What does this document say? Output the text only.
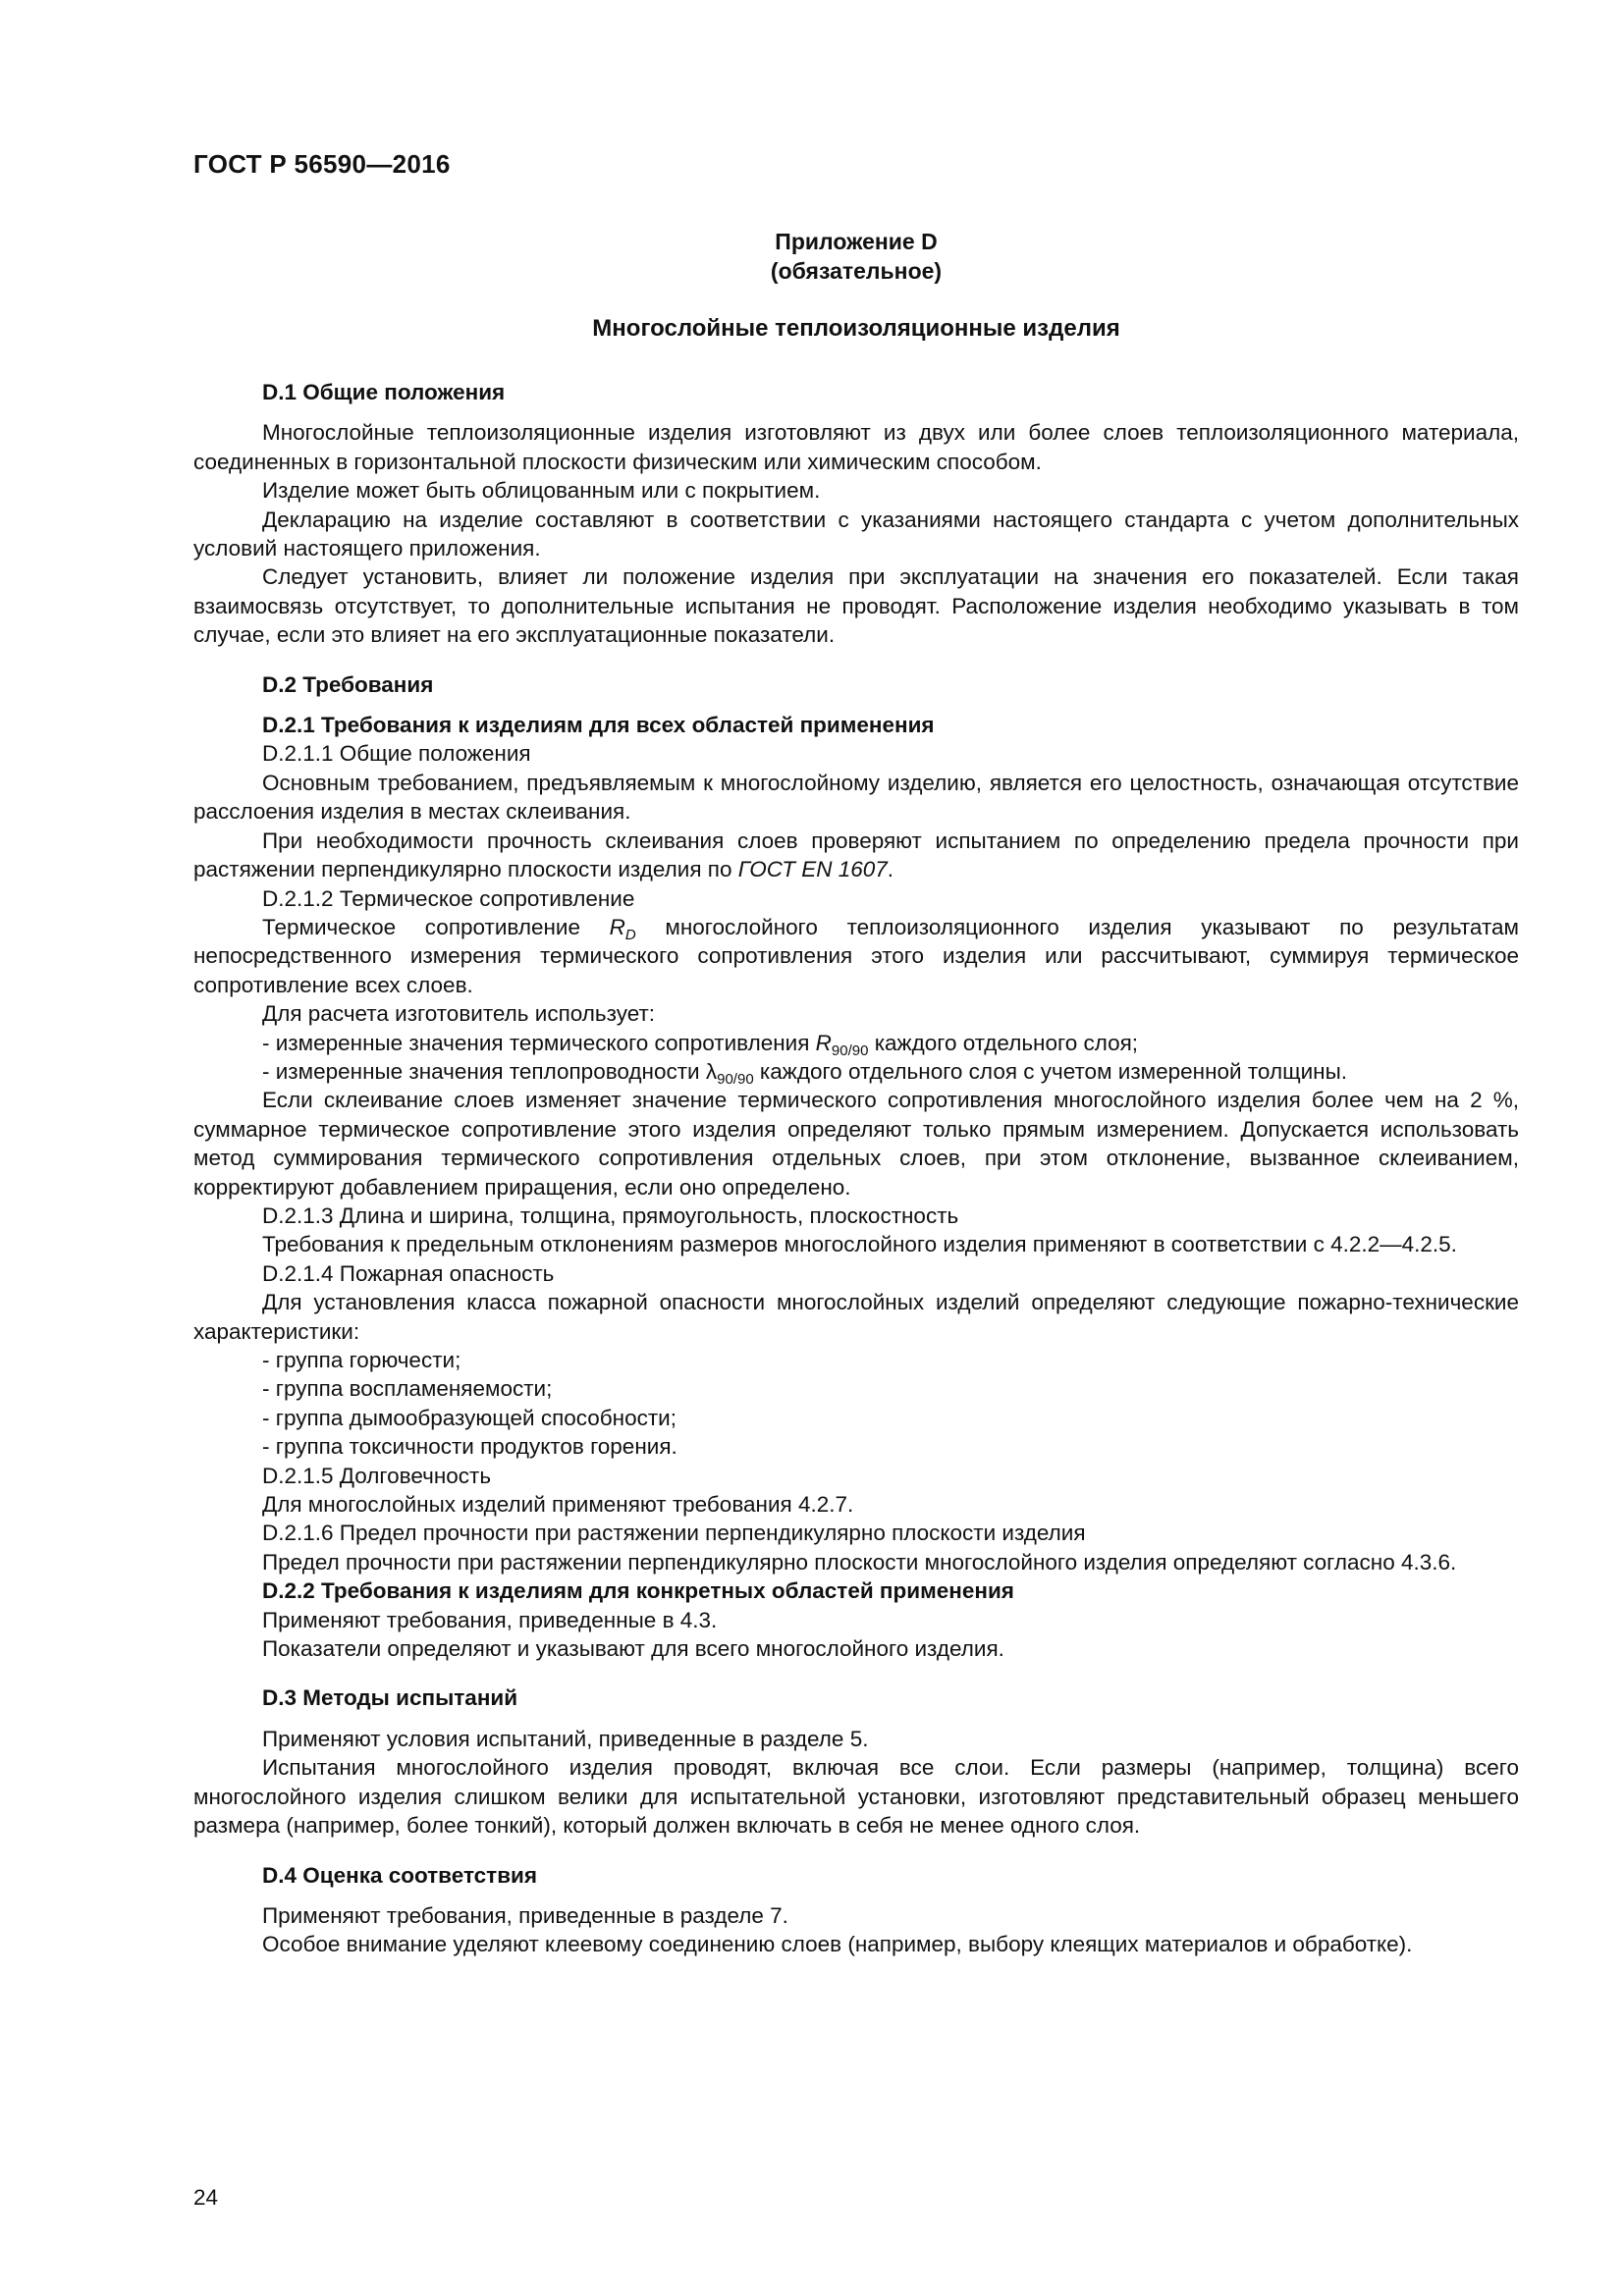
ГОСТ Р 56590—2016
Приложение D
(обязательное)
Многослойные теплоизоляционные изделия

D.1 Общие положения

Многослойные теплоизоляционные изделия изготовляют из двух или более слоев теплоизоляционного материала, соединенных в горизонтальной плоскости физическим или химическим способом.

Изделие может быть облицованным или с покрытием.

Декларацию на изделие составляют в соответствии с указаниями настоящего стандарта с учетом дополнительных условий настоящего приложения.

Следует установить, влияет ли положение изделия при эксплуатации на значения его показателей. Если такая взаимосвязь отсутствует, то дополнительные испытания не проводят. Расположение изделия необходимо указывать в том случае, если это влияет на его эксплуатационные показатели.

D.2 Требования

D.2.1 Требования к изделиям для всех областей применения

D.2.1.1 Общие положения

Основным требованием, предъявляемым к многослойному изделию, является его целостность, означающая отсутствие расслоения изделия в местах склеивания.

При необходимости прочность склеивания слоев проверяют испытанием по определению предела прочности при растяжении перпендикулярно плоскости изделия по ГОСТ EN 1607.

D.2.1.2 Термическое сопротивление

Термическое сопротивление $R_D$ многослойного теплоизоляционного изделия указывают по результатам непосредственного измерения термического сопротивления этого изделия или рассчитывают, суммируя термическое сопротивление всех слоев.

Для расчета изготовитель использует:

- измеренные значения термического сопротивления $R_{90/90}$ каждого отдельного слоя;

- измеренные значения теплопроводности $\lambda_{90/90}$ каждого отдельного слоя с учетом измеренной толщины.

Если склеивание слоев изменяет значение термического сопротивления многослойного изделия более чем на 2 %, суммарное термическое сопротивление этого изделия определяют только прямым измерением. Допускается использовать метод суммирования термического сопротивления отдельных слоев, при этом отклонение, вызванное склеиванием, корректируют добавлением приращения, если оно определено.

D.2.1.3 Длина и ширина, толщина, прямоугольность, плоскостность

Требования к предельным отклонениям размеров многослойного изделия применяют в соответствии с 4.2.2—4.2.5.

D.2.1.4 Пожарная опасность

Для установления класса пожарной опасности многослойных изделий определяют следующие пожарно-технические характеристики:

- группа горючести;

- группа воспламеняемости;

- группа дымообразующей способности;

- группа токсичности продуктов горения.

D.2.1.5 Долговечность

Для многослойных изделий применяют требования 4.2.7.

D.2.1.6 Предел прочности при растяжении перпендикулярно плоскости изделия

Предел прочности при растяжении перпендикулярно плоскости многослойного изделия определяют согласно 4.3.6.

D.2.2 Требования к изделиям для конкретных областей применения

Применяют требования, приведенные в 4.3.

Показатели определяют и указывают для всего многослойного изделия.

D.3 Методы испытаний

Применяют условия испытаний, приведенные в разделе 5.

Испытания многослойного изделия проводят, включая все слои. Если размеры (например, толщина) всего многослойного изделия слишком велики для испытательной установки, изготовляют представительный образец меньшего размера (например, более тонкий), который должен включать в себя не менее одного слоя.

D.4 Оценка соответствия

Применяют требования, приведенные в разделе 7.

Особое внимание уделяют клеевому соединению слоев (например, выбору клеящих материалов и обработке).

24
